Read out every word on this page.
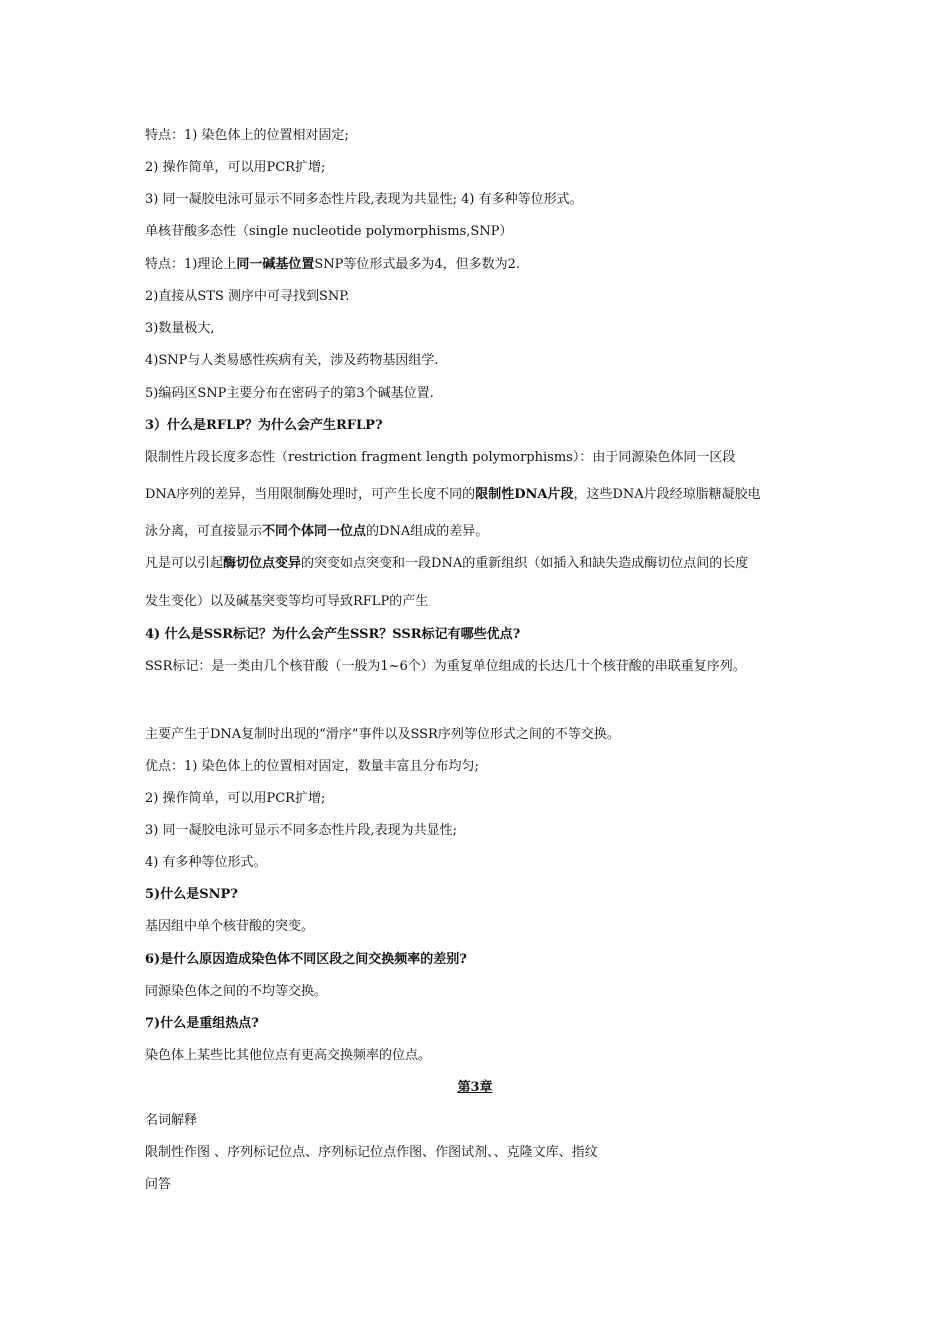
特点：1) 染色体上的位置相对固定;
2) 操作简单，可以用PCR扩增;
3) 同一凝胶电泳可显示不同多态性片段,表现为共显性; 4) 有多种等位形式。
单核苷酸多态性（single nucleotide polymorphisms,SNP）
特点：1)理论上同一碱基位置SNP等位形式最多为4，但多数为2.
2)直接从STS 测序中可寻找到SNP.
3)数量极大,
4)SNP与人类易感性疾病有关，涉及药物基因组学.
5)编码区SNP主要分布在密码子的第3个碱基位置.
3）什么是RFLP？为什么会产生RFLP?
限制性片段长度多态性（restriction fragment length polymorphisms）：由于同源染色体同一区段
DNA序列的差异，当用限制酶处理时，可产生长度不同的限制性DNA片段，这些DNA片段经琼脂糖凝胶电
泳分离，可直接显示不同个体同一位点的DNA组成的差异。
凡是可以引起酶切位点变异的突变如点突变和一段DNA的重新组织（如插入和缺失造成酶切位点间的长度
发生变化）以及碱基突变等均可导致RFLP的产生
4) 什么是SSR标记？为什么会产生SSR？SSR标记有哪些优点?
SSR标记：是一类由几个核苷酸（一般为1~6个）为重复单位组成的长达几十个核苷酸的串联重复序列。
主要产生于DNA复制时出现的“滑序”事件以及SSR序列等位形式之间的不等交换。
优点：1) 染色体上的位置相对固定，数量丰富且分布均匀;
2) 操作简单，可以用PCR扩增;
3) 同一凝胶电泳可显示不同多态性片段,表现为共显性;
4) 有多种等位形式。
5)什么是SNP?
基因组中单个核苷酸的突变。
6)是什么原因造成染色体不同区段之间交换频率的差别?
同源染色体之间的不均等交换。
7)什么是重组热点?
染色体上某些比其他位点有更高交换频率的位点。
第3章
名词解释
限制性作图 、序列标记位点、序列标记位点作图、作图试剂、、克隆文库、指纹
问答
